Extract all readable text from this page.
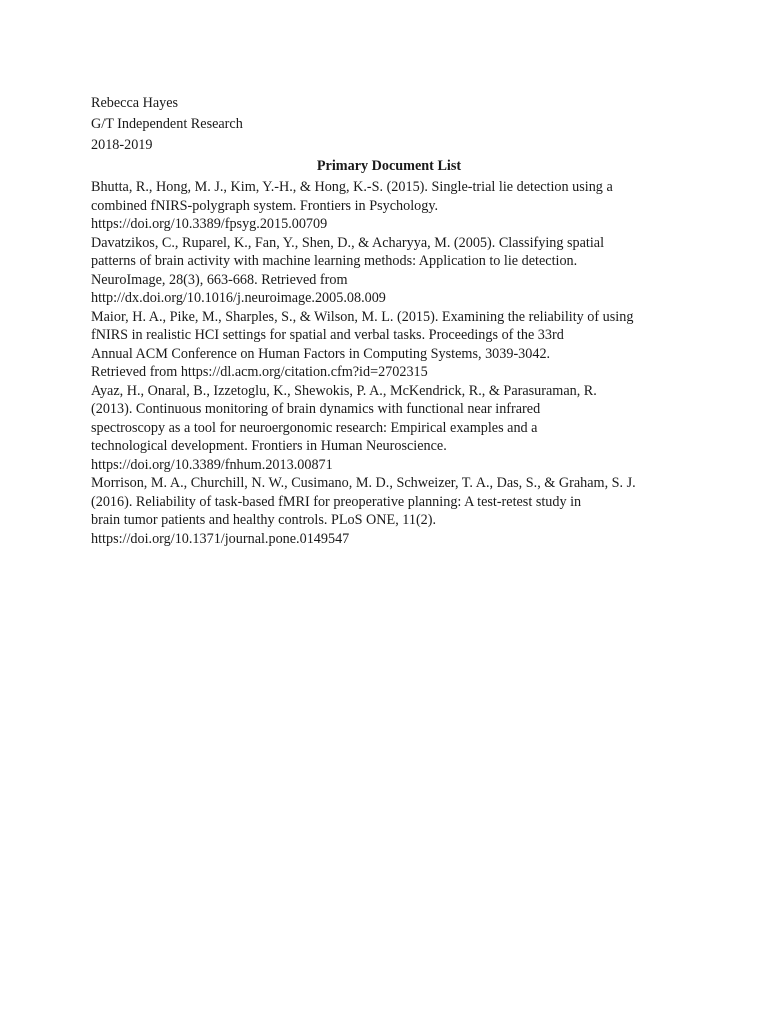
Rebecca Hayes
G/T Independent Research
2018-2019
Primary Document List
Bhutta, R., Hong, M. J., Kim, Y.-H., & Hong, K.-S. (2015). Single-trial lie detection using a
combined fNIRS-polygraph system. Frontiers in Psychology.
https://doi.org/10.3389/fpsyg.2015.00709
Davatzikos, C., Ruparel, K., Fan, Y., Shen, D., & Acharyya, M. (2005). Classifying spatial
patterns of brain activity with machine learning methods: Application to lie detection.
NeuroImage, 28(3), 663-668. Retrieved from
http://dx.doi.org/10.1016/j.neuroimage.2005.08.009
Maior, H. A., Pike, M., Sharples, S., & Wilson, M. L. (2015). Examining the reliability of using
fNIRS in realistic HCI settings for spatial and verbal tasks. Proceedings of the 33rd
Annual ACM Conference on Human Factors in Computing Systems, 3039-3042.
Retrieved from https://dl.acm.org/citation.cfm?id=2702315
Ayaz, H., Onaral, B., Izzetoglu, K., Shewokis, P. A., McKendrick, R., & Parasuraman, R.
(2013). Continuous monitoring of brain dynamics with functional near infrared
spectroscopy as a tool for neuroergonomic research: Empirical examples and a
technological development. Frontiers in Human Neuroscience.
https://doi.org/10.3389/fnhum.2013.00871
Morrison, M. A., Churchill, N. W., Cusimano, M. D., Schweizer, T. A., Das, S., & Graham, S. J.
(2016). Reliability of task-based fMRI for preoperative planning: A test-retest study in
brain tumor patients and healthy controls. PLoS ONE, 11(2).
https://doi.org/10.1371/journal.pone.0149547
